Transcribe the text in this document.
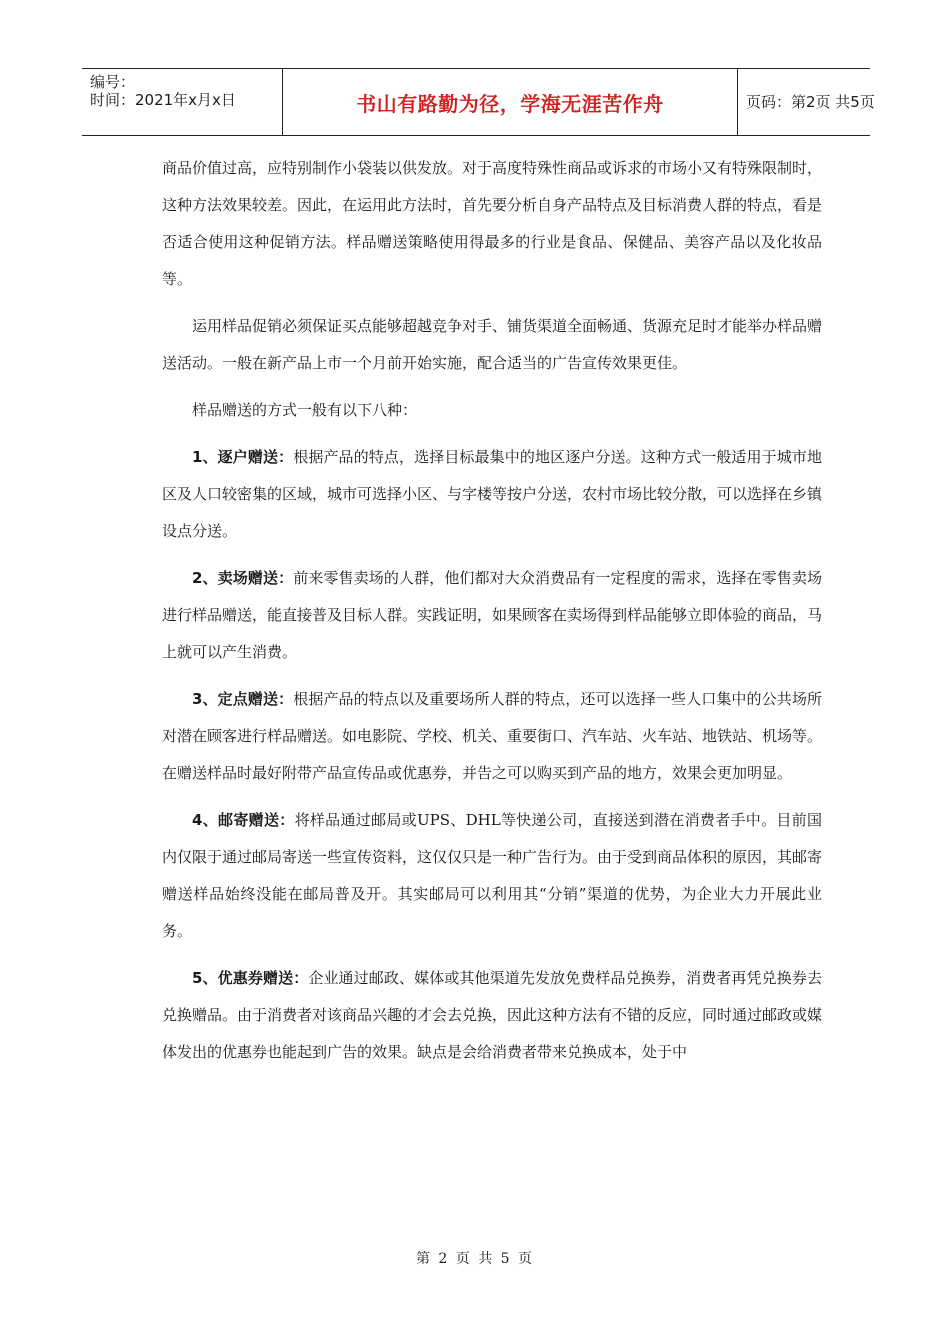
编号：
时间：2021年x月x日	书山有路勤为径，学海无涯苦作舟	页码：第2页 共5页

商品价值过高，应特别制作小袋装以供发放。对于高度特殊性商品或诉求的市场小又有特殊限制时，这种方法效果较差。因此，在运用此方法时，首先要分析自身产品特点及目标消费人群的特点，看是否适合使用这种促销方法。样品赠送策略使用得最多的行业是食品、保健品、美容产品以及化妆品等。

运用样品促销必须保证买点能够超越竞争对手、铺货渠道全面畅通、货源充足时才能举办样品赠送活动。一般在新产品上市一个月前开始实施，配合适当的广告宣传效果更佳。

样品赠送的方式一般有以下八种：

1、逐户赠送：根据产品的特点，选择目标最集中的地区逐户分送。这种方式一般适用于城市地区及人口较密集的区域，城市可选择小区、与字楼等按户分送，农村市场比较分散，可以选择在乡镇设点分送。

2、卖场赠送：前来零售卖场的人群，他们都对大众消费品有一定程度的需求，选择在零售卖场进行样品赠送，能直接普及目标人群。实践证明，如果顾客在卖场得到样品能够立即体验的商品，马上就可以产生消费。

3、定点赠送：根据产品的特点以及重要场所人群的特点，还可以选择一些人口集中的公共场所对潜在顾客进行样品赠送。如电影院、学校、机关、重要街口、汽车站、火车站、地铁站、机场等。在赠送样品时最好附带产品宣传品或优惠券，并告之可以购买到产品的地方，效果会更加明显。

4、邮寄赠送：将样品通过邮局或UPS、DHL等快递公司，直接送到潜在消费者手中。目前国内仅限于通过邮局寄送一些宣传资料，这仅仅只是一种广告行为。由于受到商品体积的原因，其邮寄赠送样品始终没能在邮局普及开。其实邮局可以利用其“分销”渠道的优势，为企业大力开展此业务。

5、优惠券赠送：企业通过邮政、媒体或其他渠道先发放免费样品兑换券，消费者再凭兑换券去兑换赠品。由于消费者对该商品兴趣的才会去兑换，因此这种方法有不错的反应，同时通过邮政或媒体发出的优惠券也能起到广告的效果。缺点是会给消费者带来兑换成本，处于中

第 2 页 共 5 页
